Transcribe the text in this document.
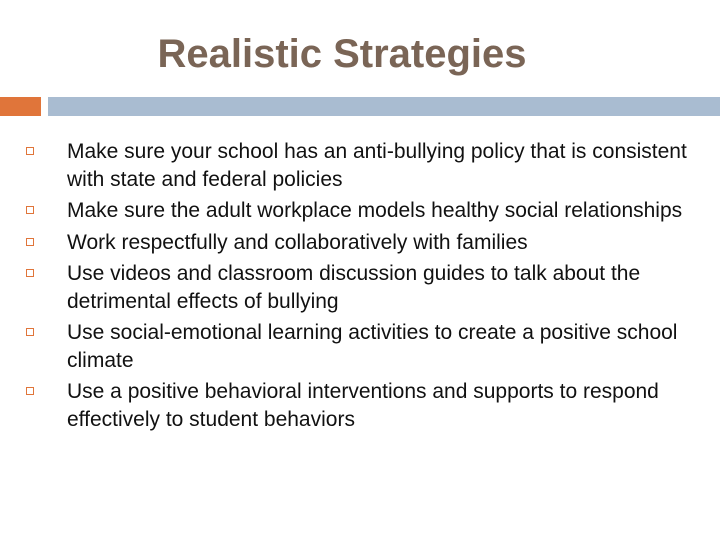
Realistic Strategies
Make sure your school has an anti-bullying policy that is consistent with state and federal policies
Make sure the adult workplace models healthy social relationships
Work respectfully and collaboratively with families
Use videos and classroom discussion guides to talk about the detrimental effects of bullying
Use social-emotional learning activities to create a positive school climate
Use a positive behavioral interventions and supports to respond effectively to student behaviors
